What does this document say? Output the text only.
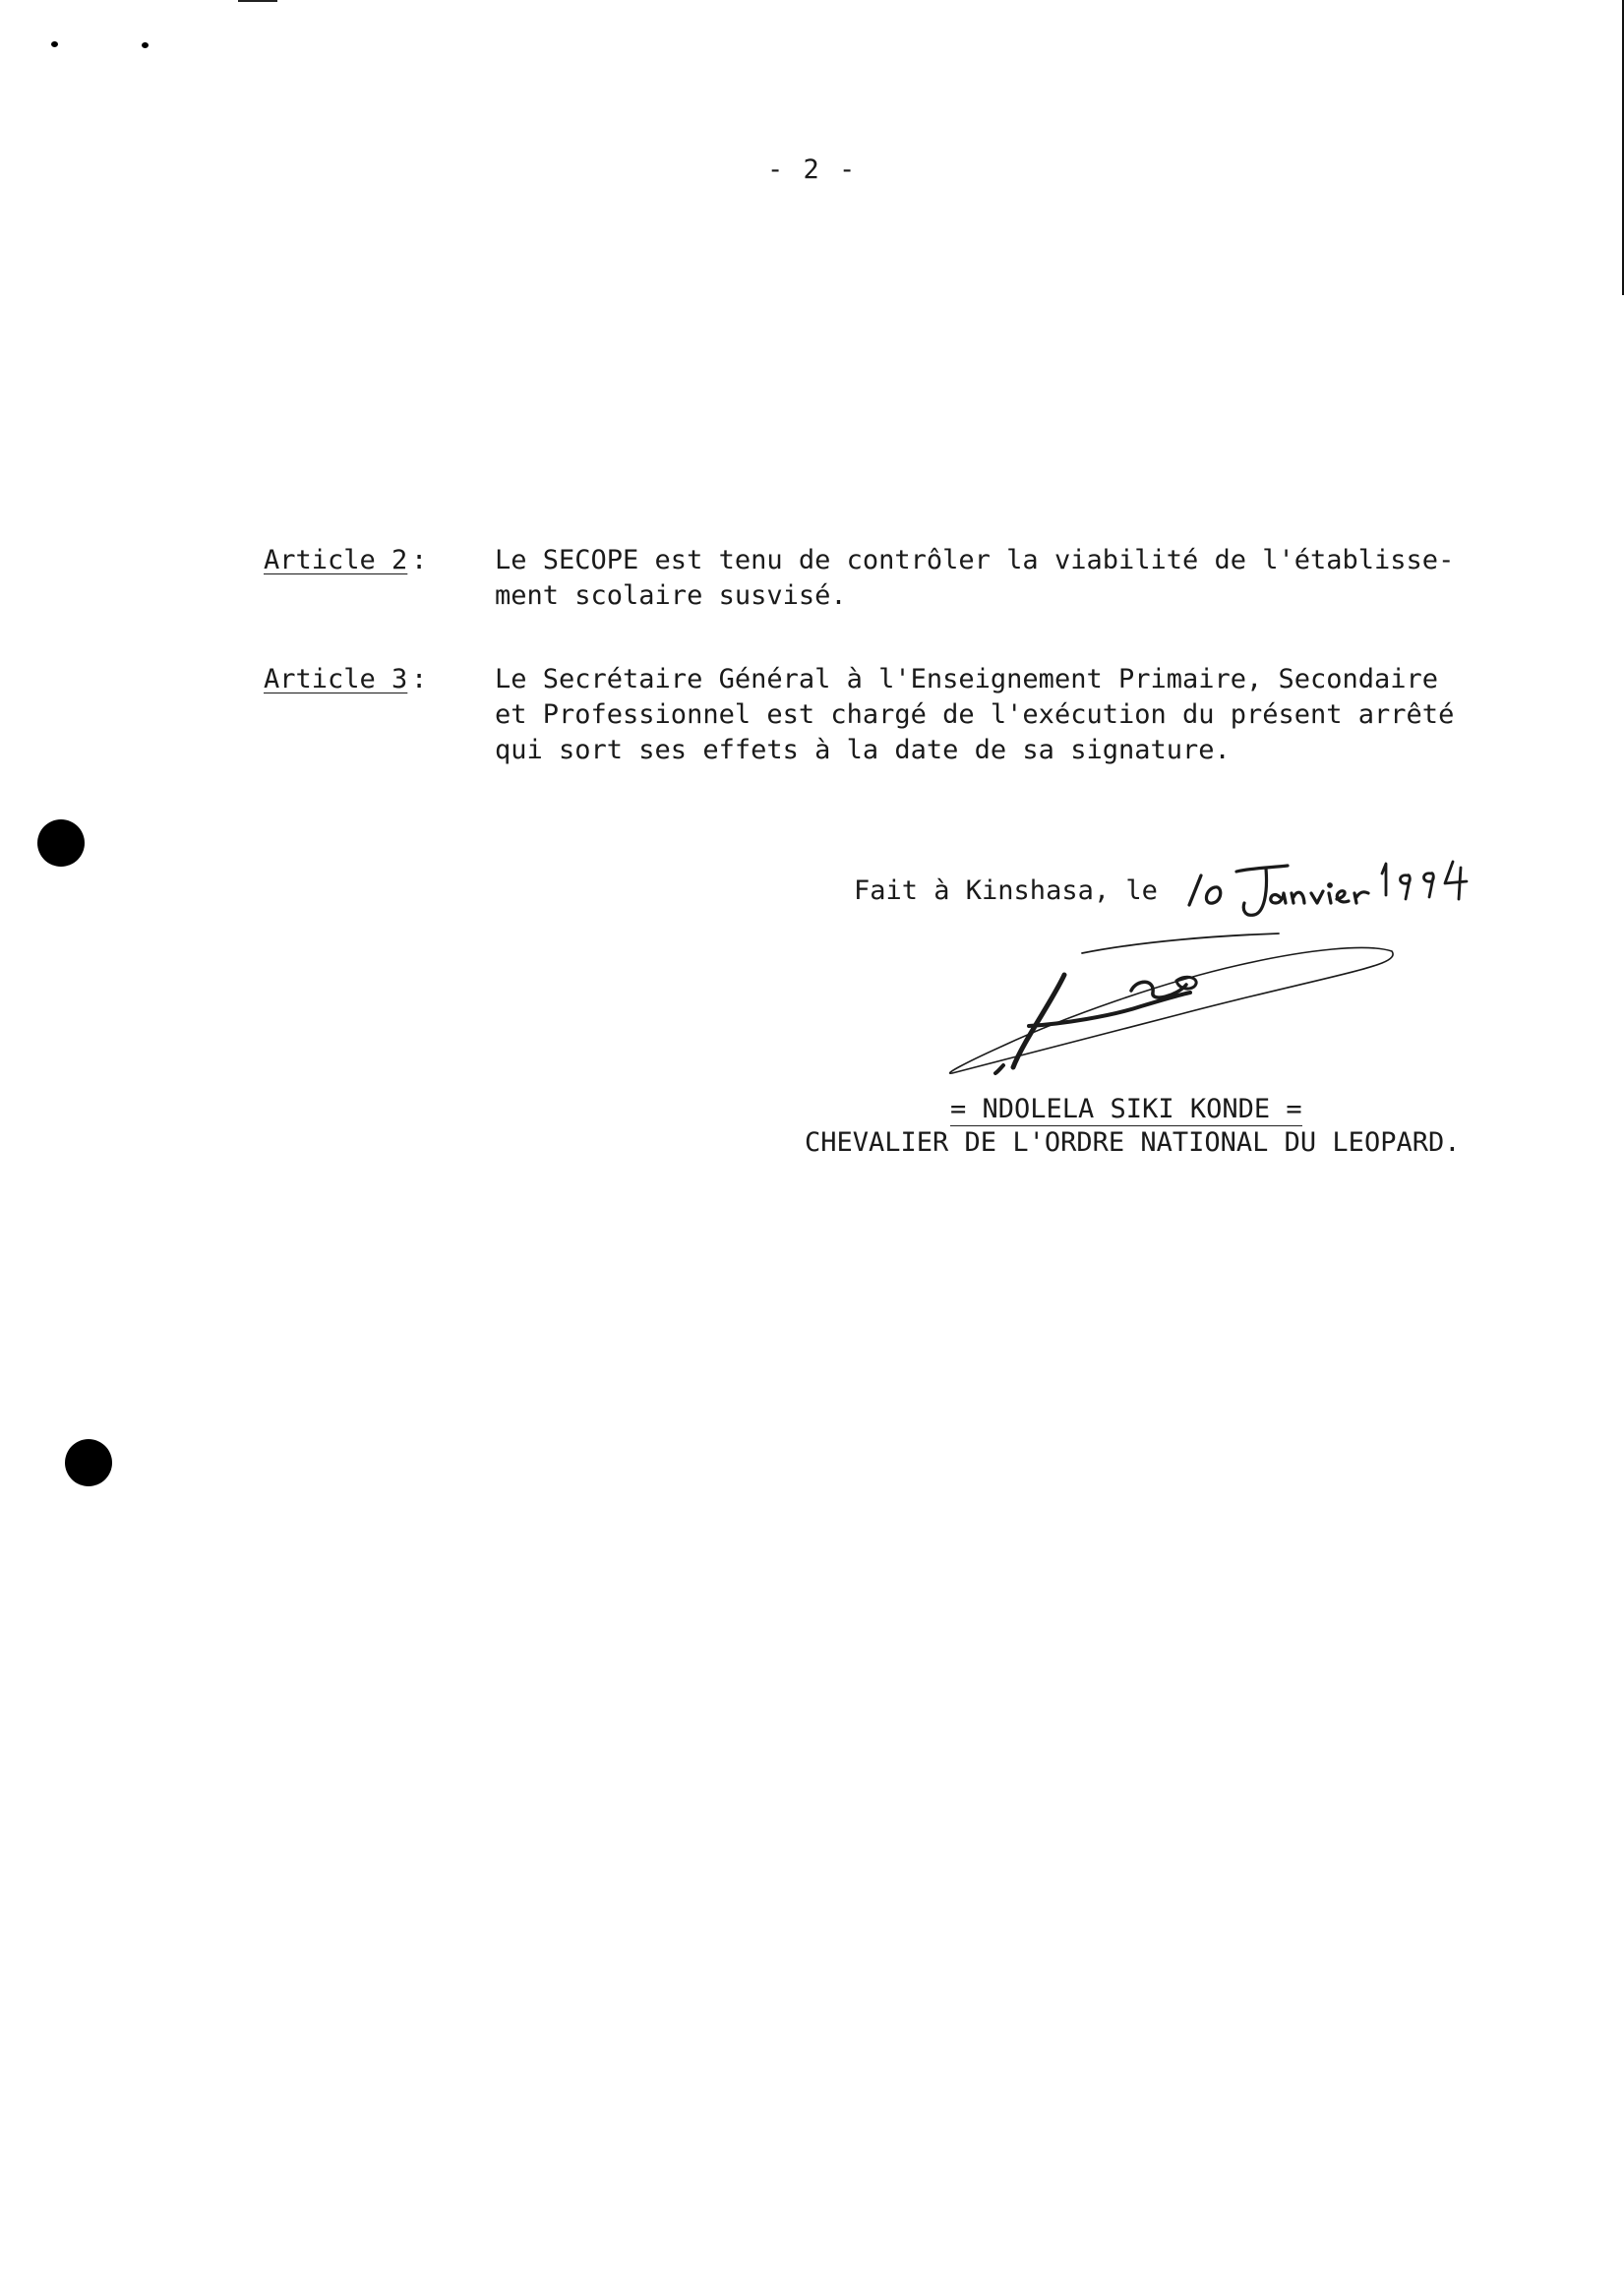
- 2 -
Article 2 :	Le SECOPE est tenu de contrôler la viabilité de l'établisse-
ment scolaire susvisé.
Article 3 :	Le Secrétaire Général à l'Enseignement Primaire, Secondaire
et Professionnel est chargé de l'exécution du présent arrêté
qui sort ses effets à la date de sa signature.
Fait à Kinshasa, le
= NDOLELA SIKI KONDE =
CHEVALIER DE L'ORDRE NATIONAL DU LEOPARD.
